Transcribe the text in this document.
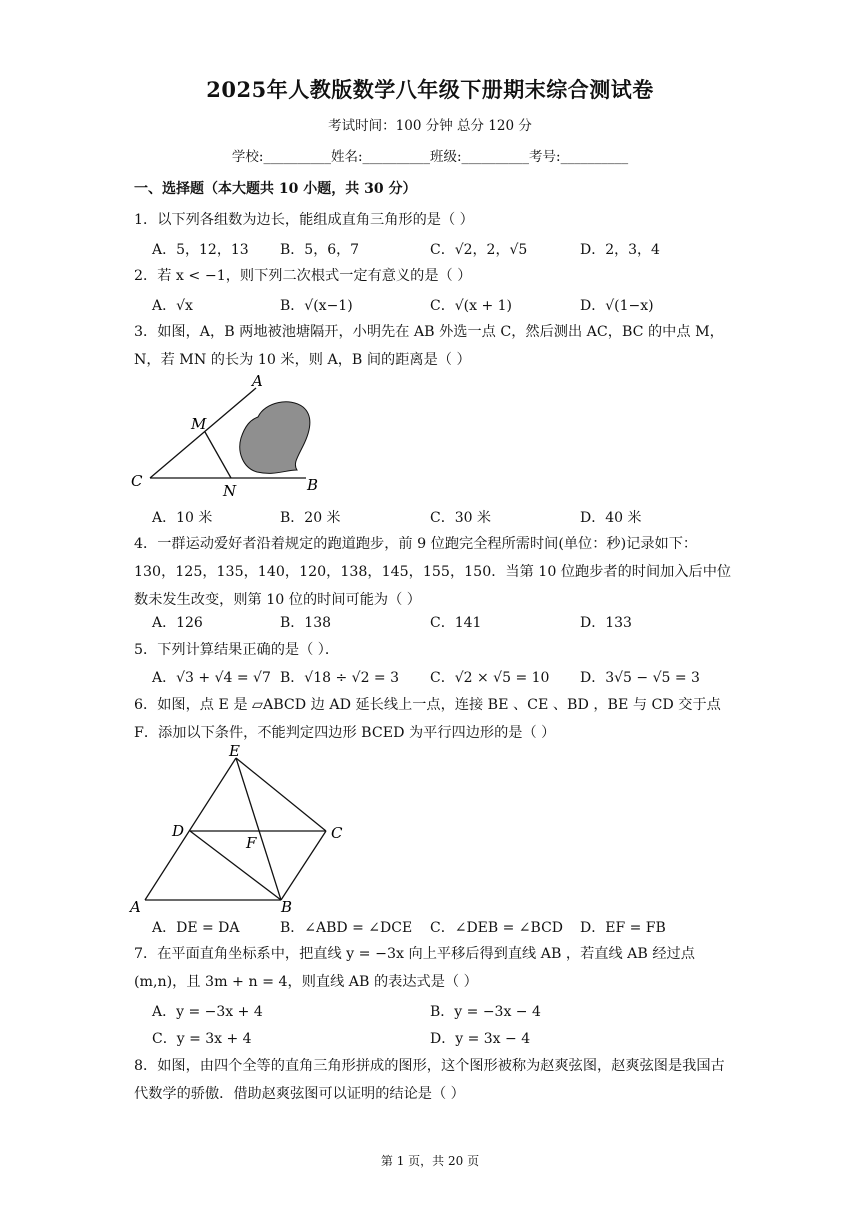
2025年人教版数学八年级下册期末综合测试卷
考试时间：100 分钟 总分 120 分
学校:__________姓名:__________班级:__________考号:__________
一、选择题（本大题共 10 小题，共 30 分）
1．以下列各组数为边长，能组成直角三角形的是（ ）
A．5，12，13 B．5，6，7	C．√2，2，√5	D．2，3，4
2．若 x < −1，则下列二次根式一定有意义的是（ ）
A．√x	B．√(x−1)	C．√(x + 1)	D．√(1−x)
3．如图，A，B 两地被池塘隔开，小明先在 AB 外选一点 C，然后测出 AC，BC 的中点 M，N，若 MN 的长为 10 米，则 A，B 间的距离是（ ）
A
M
C
N	B
A．10 米	B．20 米	C．30 米	D．40 米
4．一群运动爱好者沿着规定的跑道跑步，前 9 位跑完全程所需时间(单位：秒)记录如下：130，125，135，140，120，138，145，155，150．当第 10 位跑步者的时间加入后中位数未发生改变，则第 10 位的时间可能为（ ）
A．126	B．138	C．141	D．133
5．下列计算结果正确的是（ ）．
A．√3 + √4 = √7 B．√18 ÷ √2 = 3 C．√2 × √5 = 10 D．3√5 − √5 = 3
6．如图，点 E 是 ▱ABCD 边 AD 延长线上一点，连接 BE 、CE 、BD ，BE 与 CD 交于点 F．添加以下条件，不能判定四边形 BCED 为平行四边形的是（ ）
E
D	C
F
A	B
A．DE = DA	B．∠ABD = ∠DCE C．∠DEB = ∠BCD D．EF = FB
7．在平面直角坐标系中，把直线 y = −3x 向上平移后得到直线 AB ，若直线 AB 经过点 (m,n)，且 3m + n = 4，则直线 AB 的表达式是（ ）
A．y = −3x + 4	B．y = −3x − 4
C．y = 3x + 4	D．y = 3x − 4
8．如图，由四个全等的直角三角形拼成的图形，这个图形被称为赵爽弦图，赵爽弦图是我国古代数学的骄傲．借助赵爽弦图可以证明的结论是（ ）
第 1 页，共 20 页
